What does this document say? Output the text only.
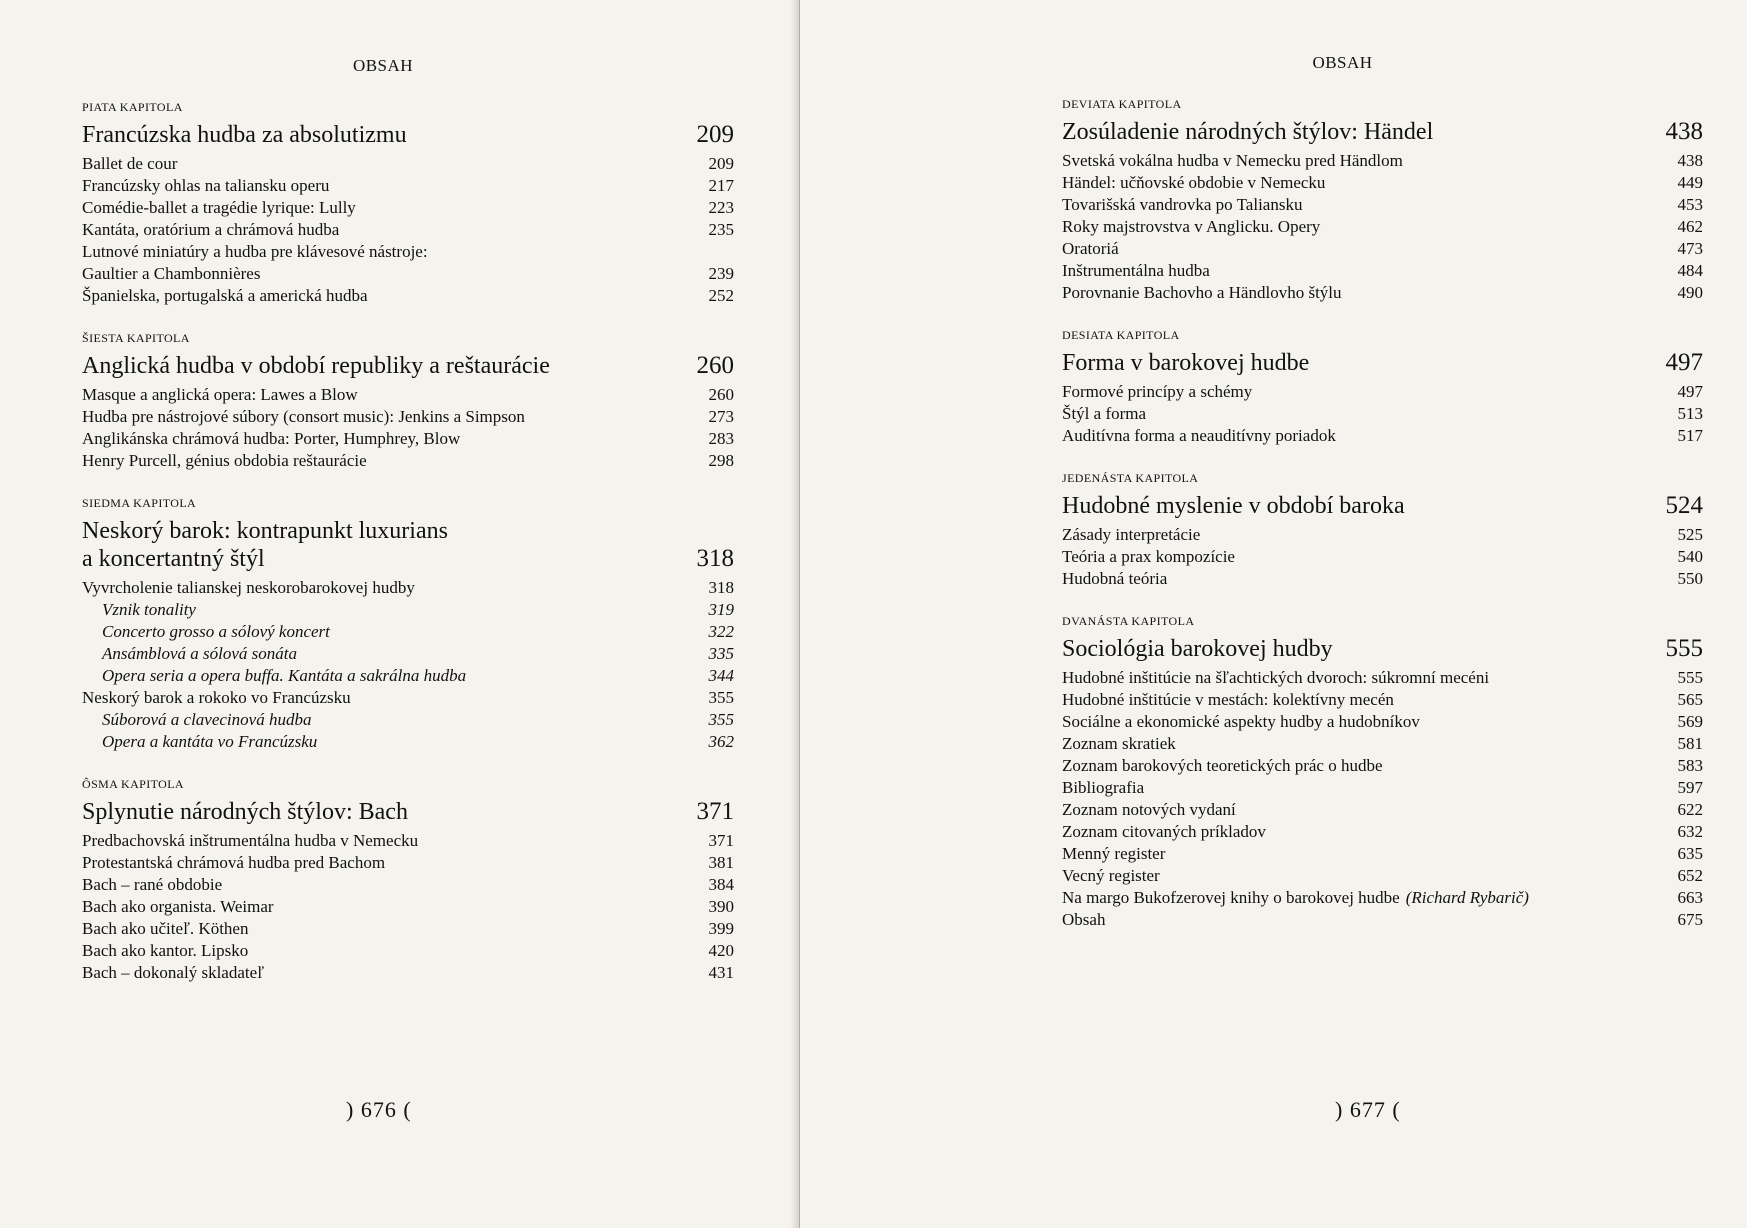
OBSAH
PIATA KAPITOLA
Francúzska hudba za absolutizmu	209
Ballet de cour	209
Francúzsky ohlas na taliansku operu	217
Comédie-ballet a tragédie lyrique: Lully	223
Kantáta, oratórium a chrámová hudba	235
Lutnové miniatúry a hudba pre klávesové nástroje:
Gaultier a Chambonnières	239
Španielska, portugalská a americká hudba	252
ŠIESTA KAPITOLA
Anglická hudba v období republiky a reštaurácie	260
Masque a anglická opera: Lawes a Blow	260
Hudba pre nástrojové súbory (consort music): Jenkins a Simpson	273
Anglikánska chrámová hudba: Porter, Humphrey, Blow	283
Henry Purcell, génius obdobia reštaurácie	298
SIEDMA KAPITOLA
Neskorý barok: kontrapunkt luxurians
a koncertantný štýl	318
Vyvrcholenie talianskej neskorobarokovej hudby	318
Vznik tonality	319
Concerto grosso a sólový koncert	322
Ansámblová a sólová sonáta	335
Opera seria a opera buffa. Kantáta a sakrálna hudba	344
Neskorý barok a rokoko vo Francúzsku	355
Súborová a clavecinová hudba	355
Opera a kantáta vo Francúzsku	362
ÔSMA KAPITOLA
Splynutie národných štýlov: Bach	371
Predbachovská inštrumentálna hudba v Nemecku	371
Protestantská chrámová hudba pred Bachom	381
Bach – rané obdobie	384
Bach ako organista. Weimar	390
Bach ako učiteľ. Köthen	399
Bach ako kantor. Lipsko	420
Bach – dokonalý skladateľ	431
) 676 (
OBSAH
DEVIATA KAPITOLA
Zosúladenie národných štýlov: Händel	438
Svetská vokálna hudba v Nemecku pred Händlom	438
Händel: učňovské obdobie v Nemecku	449
Tovarišská vandrovka po Taliansku	453
Roky majstrovstva v Anglicku. Opery	462
Oratoriá	473
Inštrumentálna hudba	484
Porovnanie Bachovho a Händlovho štýlu	490
DESIATA KAPITOLA
Forma v barokovej hudbe	497
Formové princípy a schémy	497
Štýl a forma	513
Auditívna forma a neauditívny poriadok	517
JEDENÁSTA KAPITOLA
Hudobné myslenie v období baroka	524
Zásady interpretácie	525
Teória a prax kompozície	540
Hudobná teória	550
DVANÁSTA KAPITOLA
Sociológia barokovej hudby	555
Hudobné inštitúcie na šľachtických dvoroch: súkromní mecéni	555
Hudobné inštitúcie v mestách: kolektívny mecén	565
Sociálne a ekonomické aspekty hudby a hudobníkov	569
Zoznam skratiek	581
Zoznam barokových teoretických prác o hudbe	583
Bibliografia	597
Zoznam notových vydaní	622
Zoznam citovaných príkladov	632
Menný register	635
Vecný register	652
Na margo Bukofzerovej knihy o barokovej hudbe (Richard Rybarič)	663
Obsah	675
) 677 (
